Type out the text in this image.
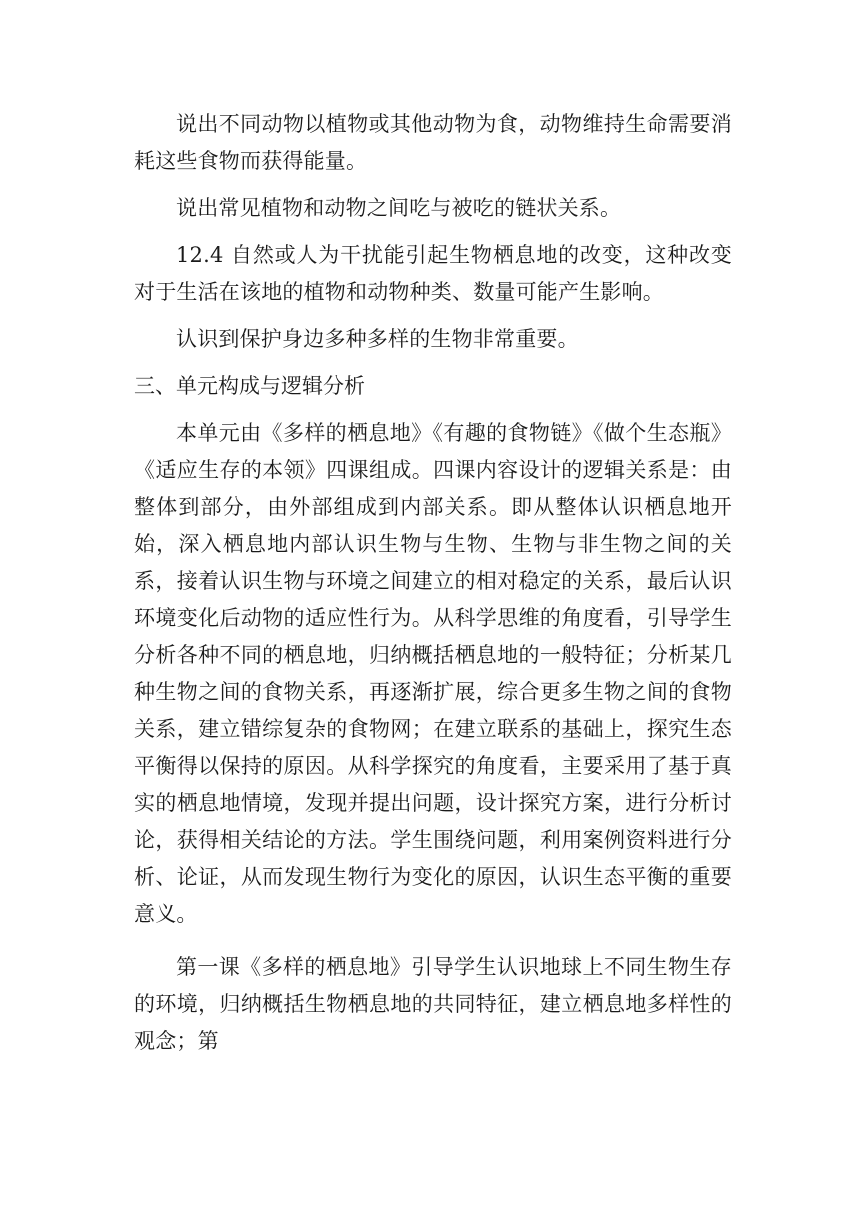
说出不同动物以植物或其他动物为食，动物维持生命需要消耗这些食物而获得能量。

说出常见植物和动物之间吃与被吃的链状关系。

12.4 自然或人为干扰能引起生物栖息地的改变，这种改变对于生活在该地的植物和动物种类、数量可能产生影响。

认识到保护身边多种多样的生物非常重要。

三、单元构成与逻辑分析

本单元由《多样的栖息地》《有趣的食物链》《做个生态瓶》《适应生存的本领》四课组成。四课内容设计的逻辑关系是：由整体到部分，由外部组成到内部关系。即从整体认识栖息地开始，深入栖息地内部认识生物与生物、生物与非生物之间的关系，接着认识生物与环境之间建立的相对稳定的关系，最后认识环境变化后动物的适应性行为。从科学思维的角度看，引导学生分析各种不同的栖息地，归纳概括栖息地的一般特征；分析某几种生物之间的食物关系，再逐渐扩展，综合更多生物之间的食物关系，建立错综复杂的食物网；在建立联系的基础上，探究生态平衡得以保持的原因。从科学探究的角度看，主要采用了基于真实的栖息地情境，发现并提出问题，设计探究方案，进行分析讨论，获得相关结论的方法。学生围绕问题，利用案例资料进行分析、论证，从而发现生物行为变化的原因，认识生态平衡的重要意义。

第一课《多样的栖息地》引导学生认识地球上不同生物生存的环境，归纳概括生物栖息地的共同特征，建立栖息地多样性的观念；第
